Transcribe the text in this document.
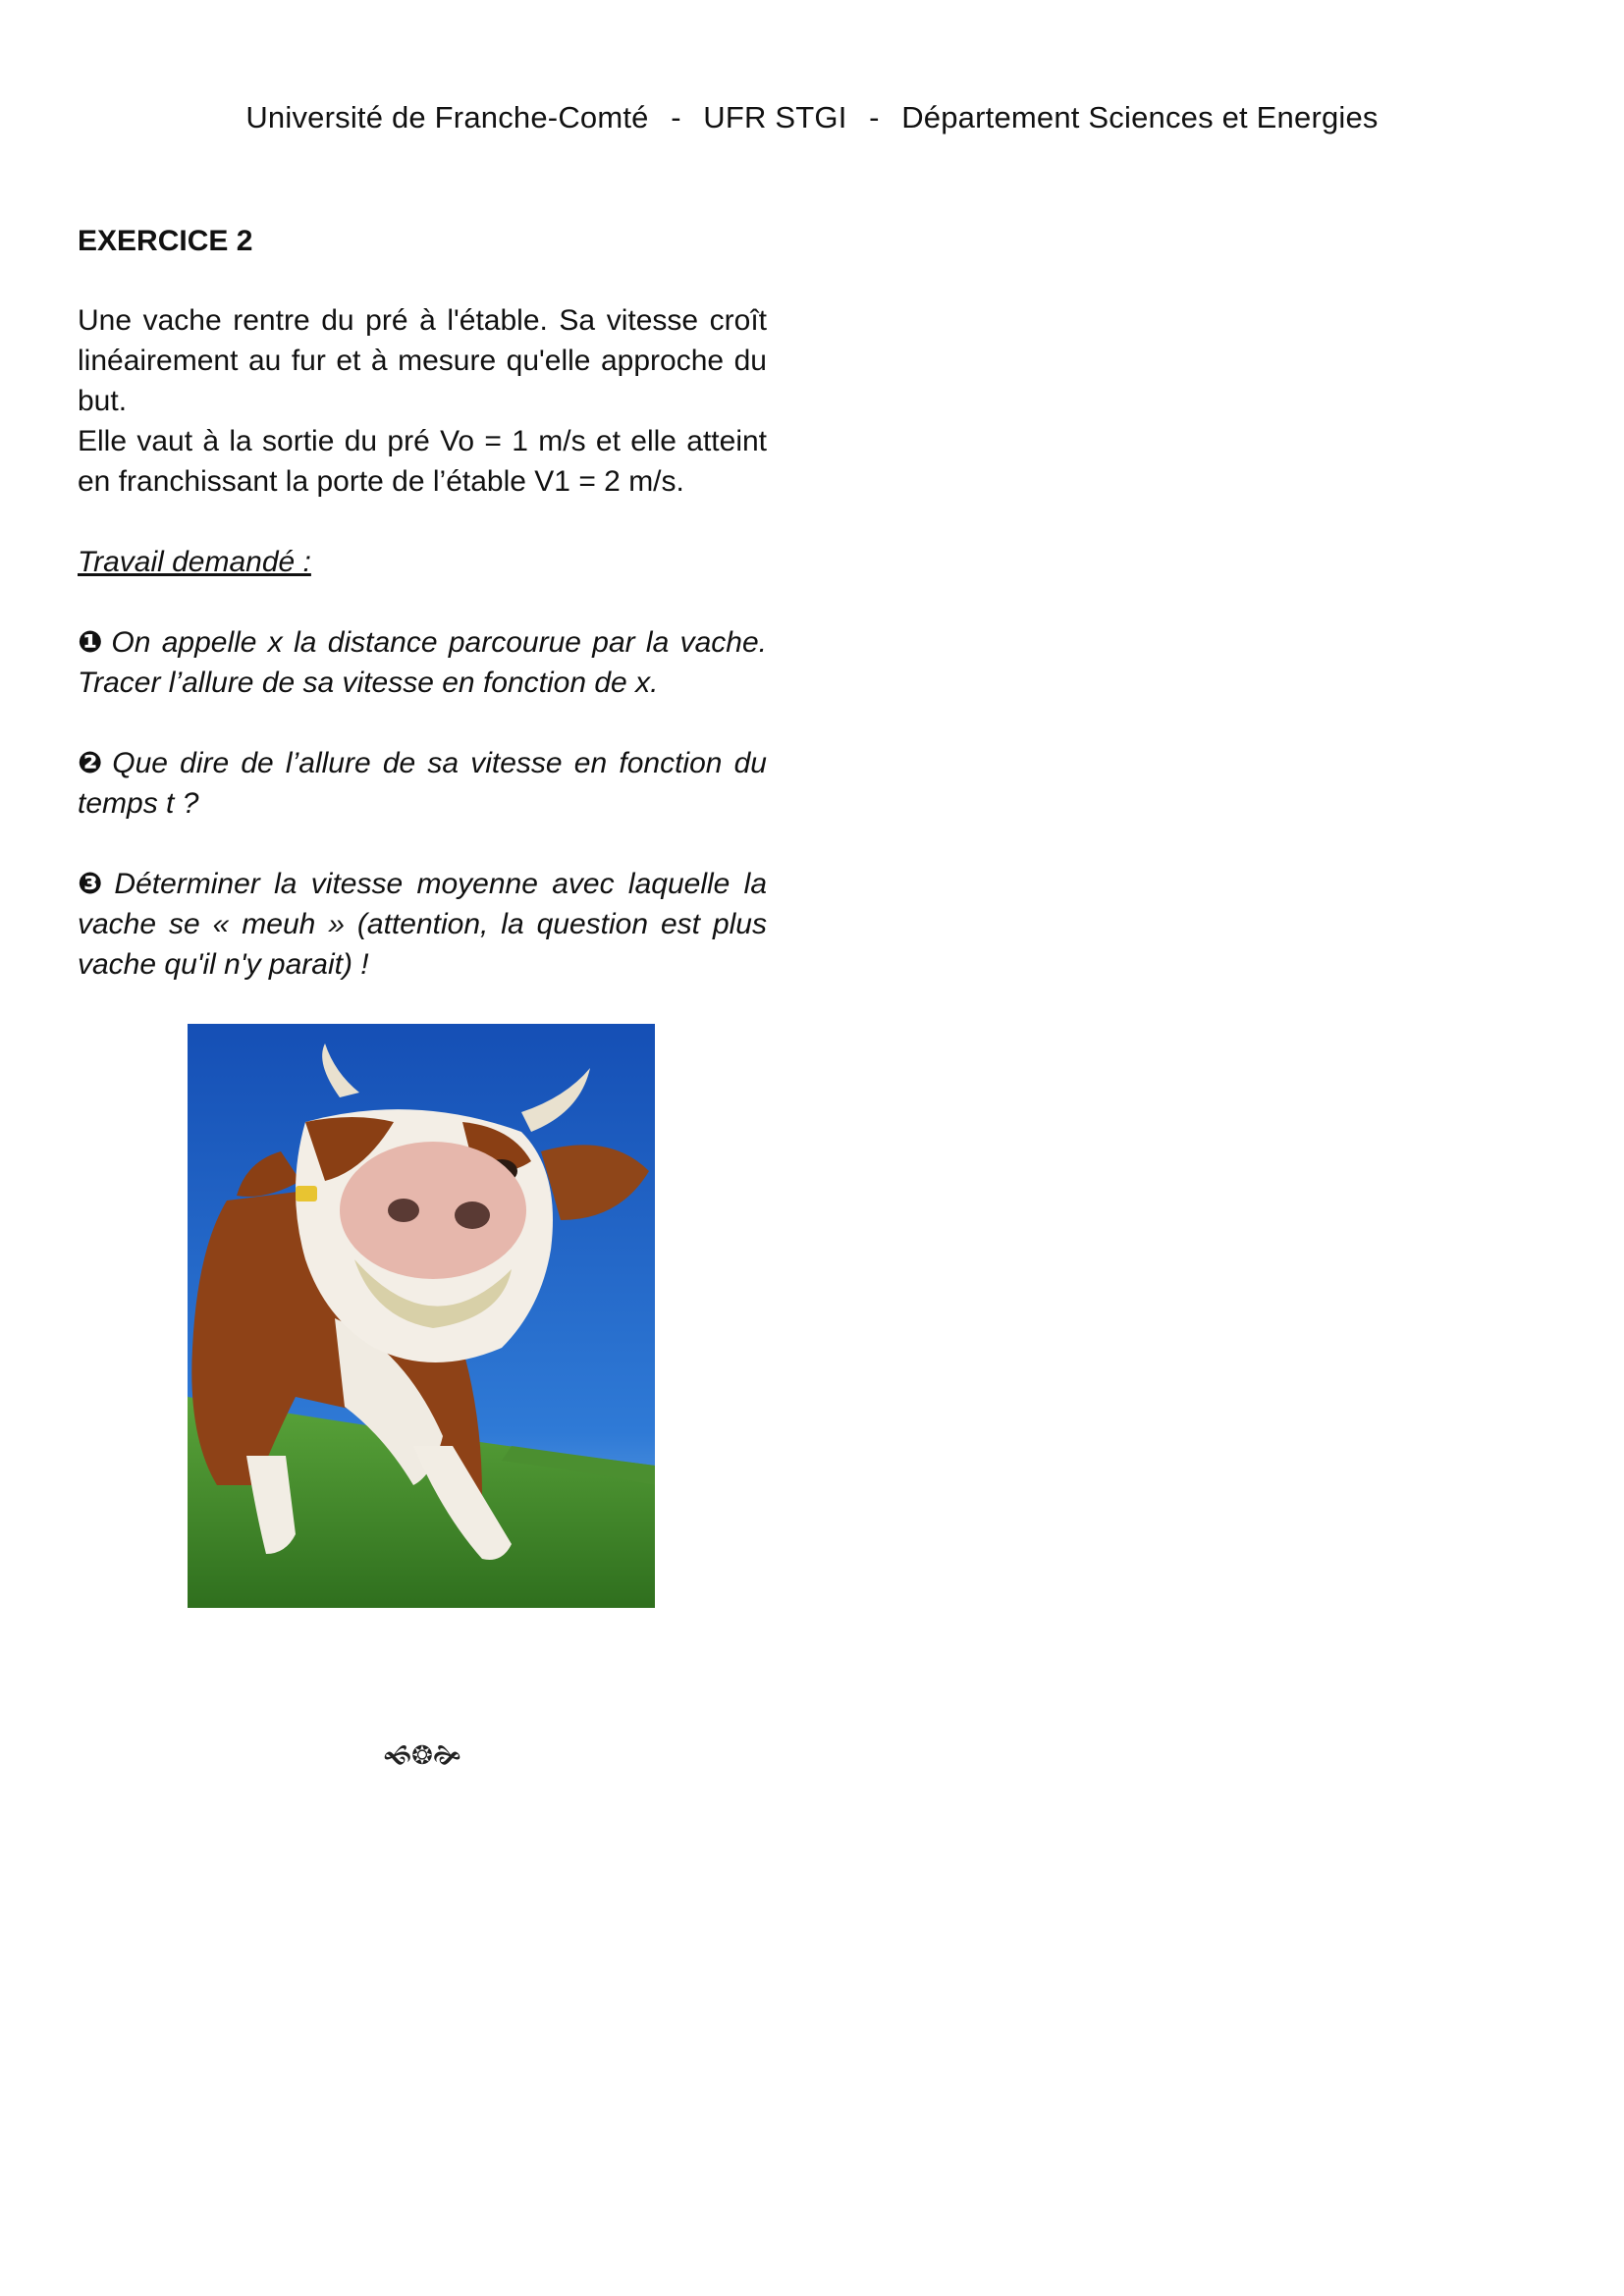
Université de Franche-Comté - UFR STGI - Département Sciences et Energies
EXERCICE 2
Une vache rentre du pré à l'étable. Sa vitesse croît linéairement au fur et à mesure qu'elle approche du but.
Elle vaut à la sortie du pré Vo = 1 m/s et elle atteint en franchissant la porte de l’étable V1 = 2 m/s.
Travail demandé :
❶ On appelle x la distance parcourue par la vache. Tracer l’allure de sa vitesse en fonction de x.
❷ Que dire de l’allure de sa vitesse en fonction du temps t ?
❸ Déterminer la vitesse moyenne avec laquelle la vache se « meuh » (attention, la question est plus vache qu'il n'y parait) !
🙜❂🙞
